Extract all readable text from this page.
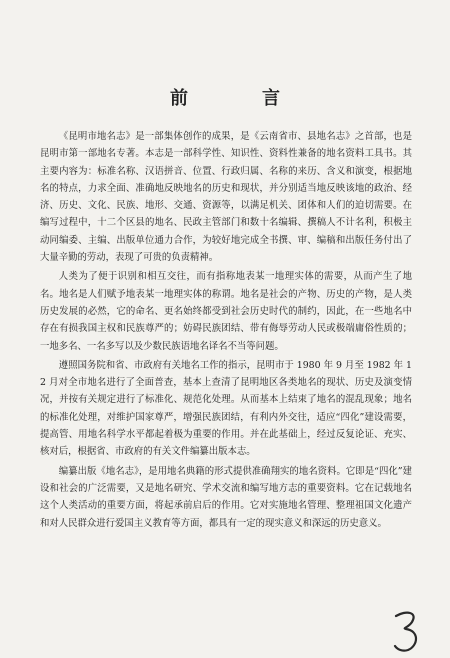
前　言

《昆明市地名志》是一部集体创作的成果，是《云南省市、县地名志》之首部，也是昆明市第一部地名专著。本志是一部科学性、知识性、资料性兼备的地名资料工具书。其主要内容为：标准名称、汉语拼音、位置、行政归属、名称的来历、含义和演变，根据地名的特点，力求全面、准确地反映地名的历史和现状，并分别适当地反映该地的政治、经济、历史、文化、民族、地形、交通、资源等，以满足机关、团体和人们的迫切需要。在编写过程中，十二个区县的地名、民政主管部门和数十名编辑、撰稿人不计名利，积极主动同编委、主编、出版单位通力合作，为较好地完成全书撰、审、编稿和出版任务付出了大量辛勤的劳动，表现了可贵的负责精神。

人类为了便于识别和相互交往，而有指称地表某一地理实体的需要，从而产生了地名。地名是人们赋予地表某一地理实体的称谓。地名是社会的产物、历史的产物，是人类历史发展的必然，它的命名、更名始终都受到社会历史时代的制约，因此，在一些地名中存在有损我国主权和民族尊严的；妨碍民族团结、带有侮辱劳动人民或极端庸俗性质的；一地多名、一名多写以及少数民族语地名译名不当等问题。

遵照国务院和省、市政府有关地名工作的指示，昆明市于 1980 年 9 月至 1982 年 12 月对全市地名进行了全面普查，基本上查清了昆明地区各类地名的现状、历史及演变情况，并按有关规定进行了标准化、规范化处理。从而基本上结束了地名的混乱现象；地名的标准化处理，对维护国家尊严，增强民族团结，有利内外交往，适应“四化”建设需要，提高管、用地名科学水平都起着极为重要的作用。并在此基础上，经过反复论证、充实、核对后，根据省、市政府的有关文件编纂出版本志。

编纂出版《地名志》，是用地名典籍的形式提供准确翔实的地名资料。它即是“四化”建设和社会的广泛需要，又是地名研究、学术交流和编写地方志的重要资料。它在记载地名这个人类活动的重要方面，将起承前启后的作用。它对实施地名管理、整理祖国文化遗产和对人民群众进行爱国主义教育等方面，都具有一定的现实意义和深远的历史意义。
